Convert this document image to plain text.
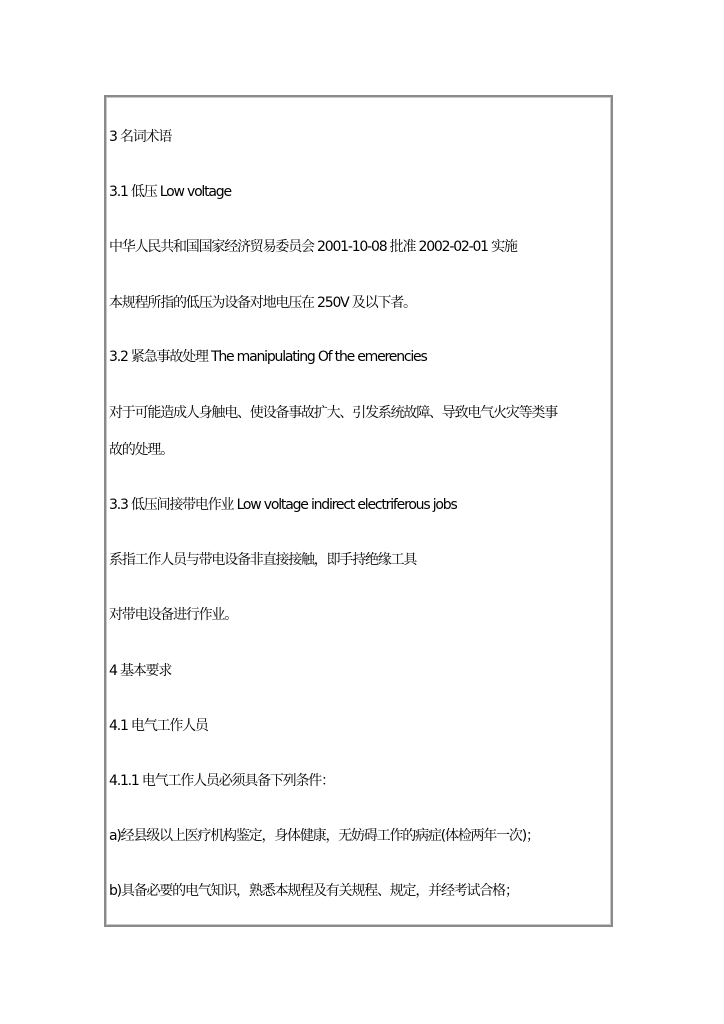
3 名词术语
3.1 低压 Low voltage
中华人民共和国国家经济贸易委员会 2001-10-08 批准 2002-02-01 实施
本规程所指的低压为设备对地电压在 250V 及以下者。
3.2 紧急事故处理 The manipulating Of the emerencies
对于可能造成人身触电、使设备事故扩大、引发系统故障、导致电气火灾等类事
故的处理。
3.3 低压间接带电作业 Low voltage indirect electriferous jobs
系指工作人员与带电设备非直接接触，即手持绝缘工具
对带电设备进行作业。
4 基本要求
4.1 电气工作人员
4.1.1 电气工作人员必须具备下列条件：
a)经县级以上医疗机构鉴定，身体健康，无妨碍工作的病症(体检两年一次)；
b)具备必要的电气知识，熟悉本规程及有关规程、规定，并经考试合格；
